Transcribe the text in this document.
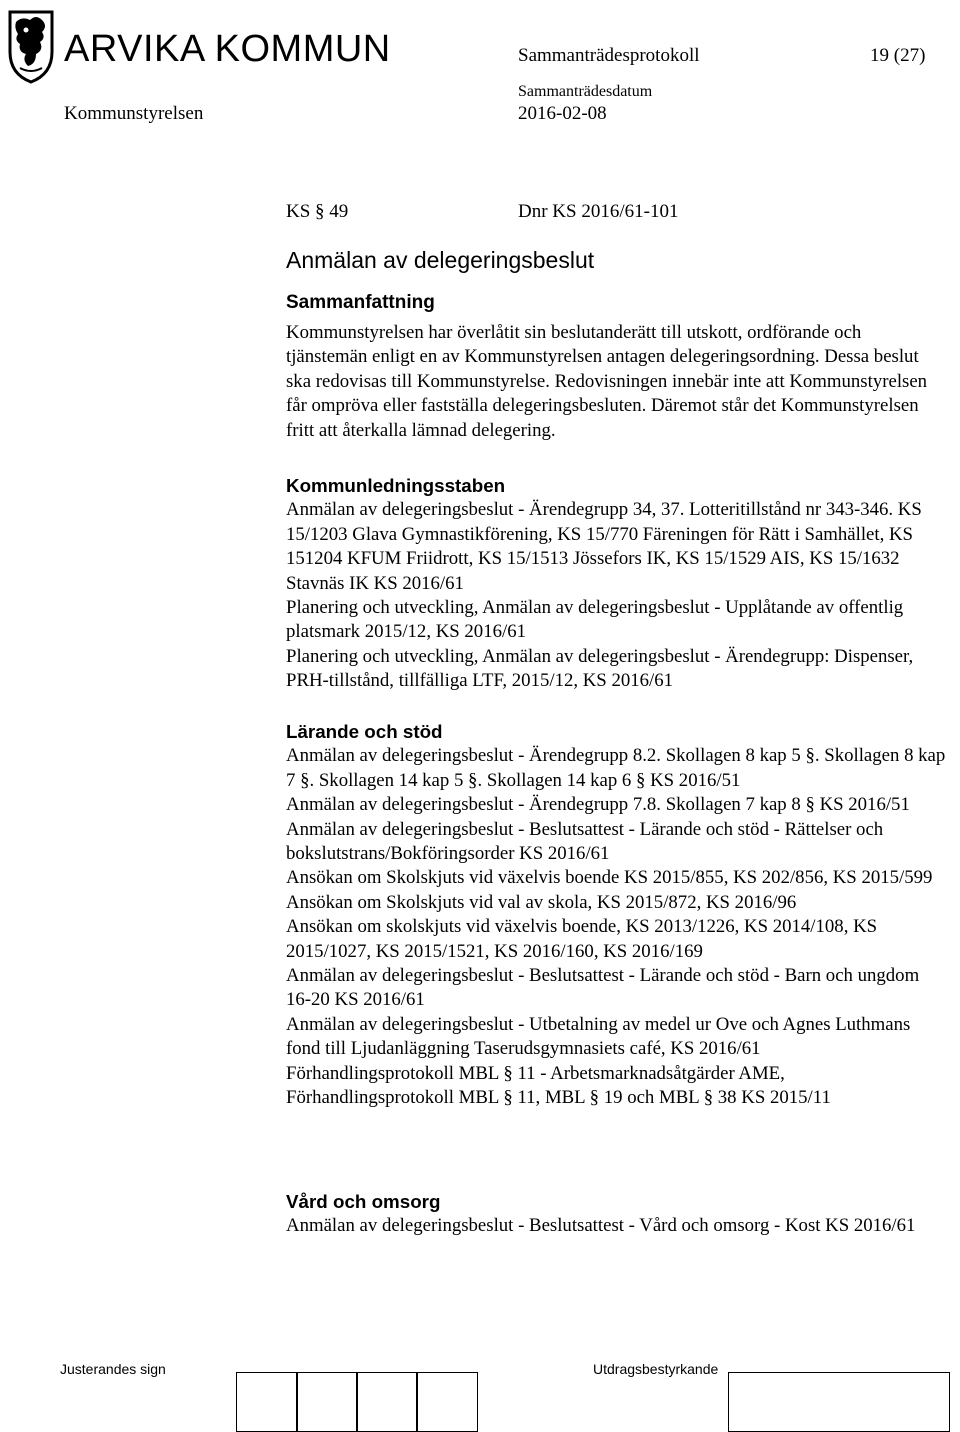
ARVIKA KOMMUN	Sammanträdesprotokoll	19 (27)
Kommunstyrelsen
Sammanträdesdatum
2016-02-08
KS § 49	Dnr KS 2016/61-101
Anmälan av delegeringsbeslut
Sammanfattning

Kommunstyrelsen har överlåtit sin beslutanderätt till utskott, ordförande och tjänstemän enligt en av Kommunstyrelsen antagen delegeringsordning. Dessa beslut ska redovisas till Kommunstyrelse. Redovisningen innebär inte att Kommunstyrelsen får ompröva eller fastställa delegeringsbesluten. Däremot står det Kommunstyrelsen fritt att återkalla lämnad delegering.

Kommunledningsstaben

Anmälan av delegeringsbeslut - Ärendegrupp 34, 37. Lotteritillstånd nr 343-346. KS 15/1203 Glava Gymnastikförening, KS 15/770 Färeningen för Rätt i Samhället, KS 151204 KFUM Friidrott, KS 15/1513 Jössefors IK, KS 15/1529 AIS, KS 15/1632 Stavnäs IK KS 2016/61

Planering och utveckling, Anmälan av delegeringsbeslut - Upplåtande av offentlig platsmark 2015/12, KS 2016/61

Planering och utveckling, Anmälan av delegeringsbeslut - Ärendegrupp: Dispenser, PRH-tillstånd, tillfälliga LTF, 2015/12, KS 2016/61

Lärande och stöd

Anmälan av delegeringsbeslut - Ärendegrupp 8.2. Skollagen 8 kap 5 §. Skollagen 8 kap 7 §. Skollagen 14 kap 5 §. Skollagen 14 kap 6 § KS 2016/51

Anmälan av delegeringsbeslut - Ärendegrupp 7.8. Skollagen 7 kap 8 § KS 2016/51

Anmälan av delegeringsbeslut - Beslutsattest - Lärande och stöd - Rättelser och bokslutstrans/Bokföringsorder KS 2016/61

Ansökan om Skolskjuts vid växelvis boende KS 2015/855, KS 202/856, KS 2015/599

Ansökan om Skolskjuts vid val av skola, KS 2015/872, KS 2016/96

Ansökan om skolskjuts vid växelvis boende, KS 2013/1226, KS 2014/108, KS 2015/1027, KS 2015/1521, KS 2016/160, KS 2016/169

Anmälan av delegeringsbeslut - Beslutsattest - Lärande och stöd - Barn och ungdom 16-20 KS 2016/61

Anmälan av delegeringsbeslut - Utbetalning av medel ur Ove och Agnes Luthmans fond till Ljudanläggning Taserudsgymnasiets café, KS 2016/61

Förhandlingsprotokoll MBL § 11 - Arbetsmarknadsåtgärder AME, Förhandlingsprotokoll MBL § 11, MBL § 19 och MBL § 38 KS 2015/11

Vård och omsorg

Anmälan av delegeringsbeslut - Beslutsattest - Vård och omsorg - Kost KS 2016/61

Justerandes sign	Utdragsbestyrkande
